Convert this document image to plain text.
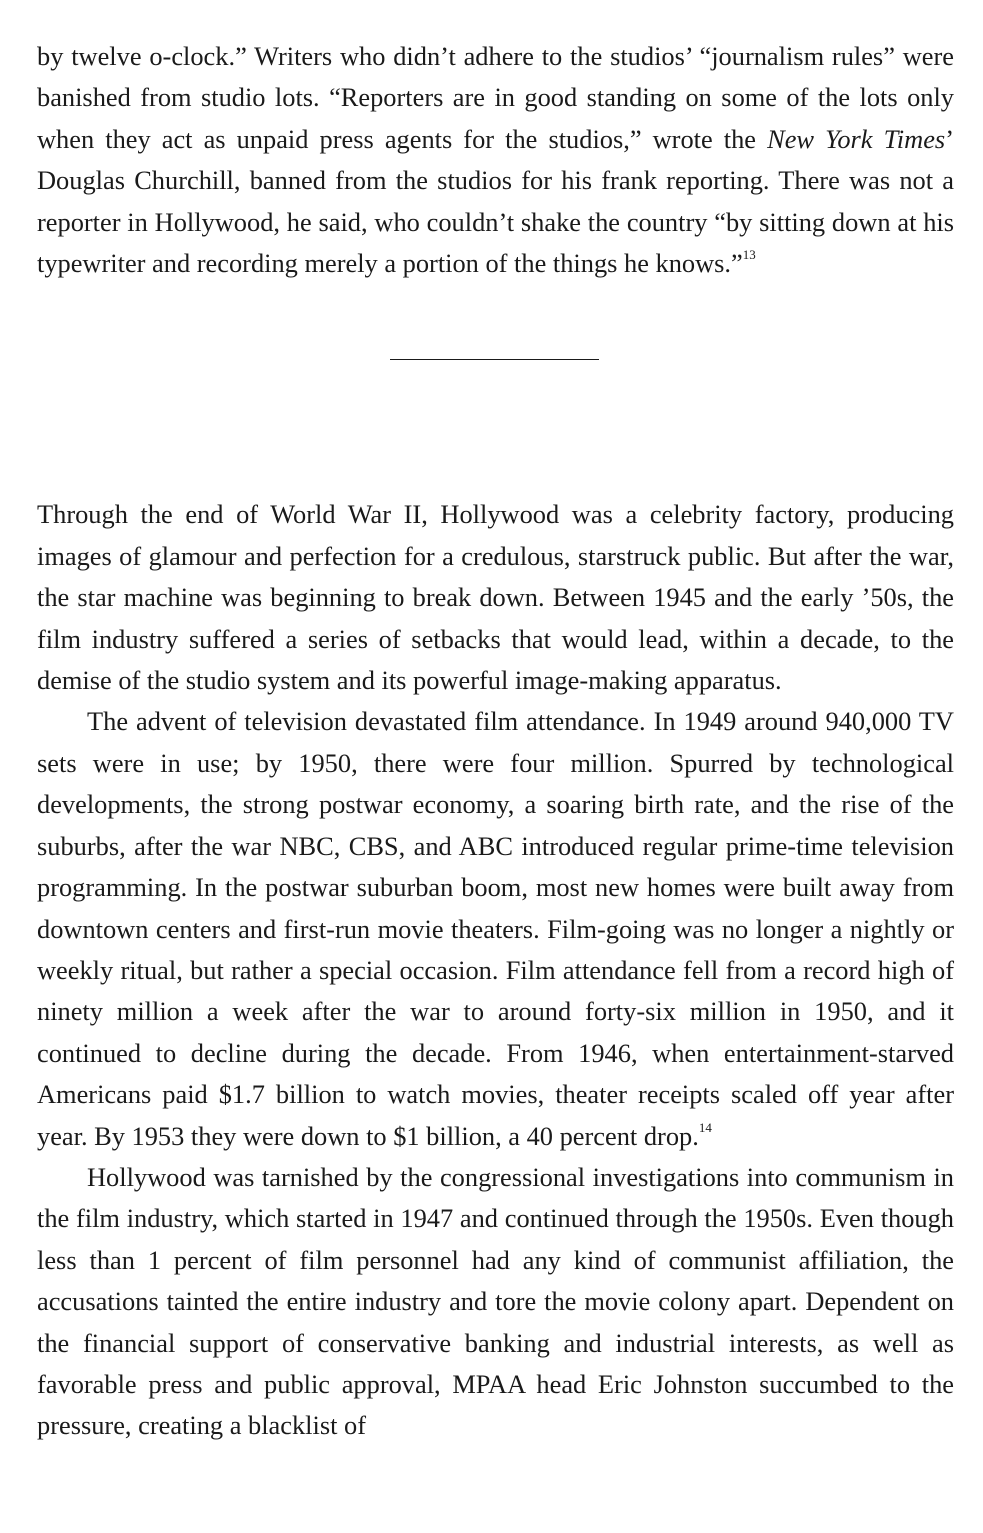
by twelve o-clock.” Writers who didn’t adhere to the studios’ “journalism rules” were banished from studio lots. “Reporters are in good standing on some of the lots only when they act as unpaid press agents for the studios,” wrote the New York Times’ Douglas Churchill, banned from the studios for his frank reporting. There was not a reporter in Hollywood, he said, who couldn’t shake the country “by sitting down at his typewriter and recording merely a portion of the things he knows.”$^{13}$

Through the end of World War II, Hollywood was a celebrity factory, producing images of glamour and perfection for a credulous, starstruck public. But after the war, the star machine was beginning to break down. Between 1945 and the early ’50s, the film industry suffered a series of setbacks that would lead, within a decade, to the demise of the studio system and its powerful image-making apparatus.

The advent of television devastated film attendance. In 1949 around 940,000 TV sets were in use; by 1950, there were four million. Spurred by technological developments, the strong postwar economy, a soaring birth rate, and the rise of the suburbs, after the war NBC, CBS, and ABC introduced regular prime-time television programming. In the postwar suburban boom, most new homes were built away from downtown centers and first-run movie theaters. Film-going was no longer a nightly or weekly ritual, but rather a special occasion. Film attendance fell from a record high of ninety million a week after the war to around forty-six million in 1950, and it continued to decline during the decade. From 1946, when entertainment-starved Americans paid $1.7 billion to watch movies, theater receipts scaled off year after year. By 1953 they were down to $1 billion, a 40 percent drop.$^{14}$

Hollywood was tarnished by the congressional investigations into communism in the film industry, which started in 1947 and continued through the 1950s. Even though less than 1 percent of film personnel had any kind of communist affiliation, the accusations tainted the entire industry and tore the movie colony apart. Dependent on the financial support of conservative banking and industrial interests, as well as favorable press and public approval, MPAA head Eric Johnston succumbed to the pressure, creating a blacklist of
